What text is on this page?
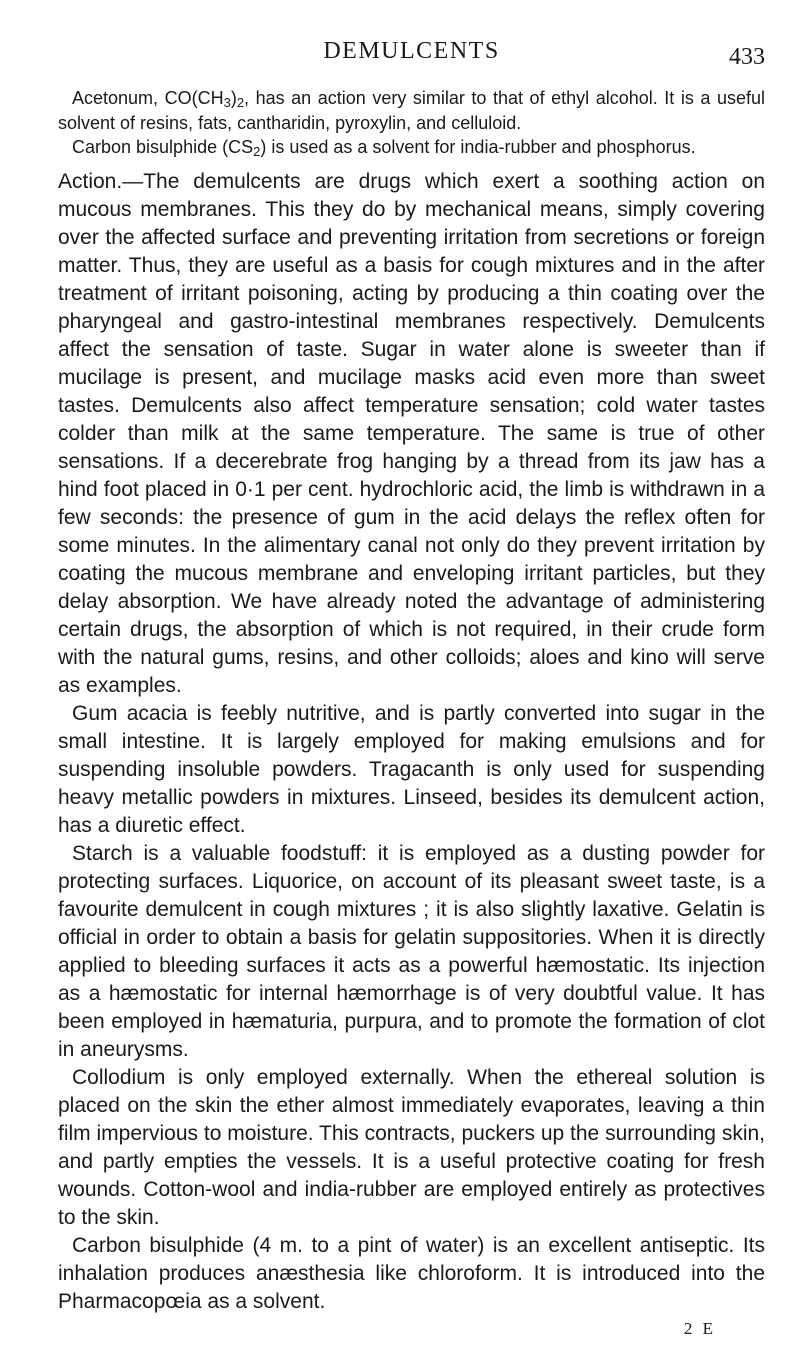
DEMULCENTS	433

Acetonum, $CO(CH_3)_2$, has an action very similar to that of ethyl alcohol. It is a useful solvent of resins, fats, cantharidin, pyroxylin, and celluloid.

Carbon bisulphide $(CS_2)$ is used as a solvent for india-rubber and phosphorus.

Action.—The demulcents are drugs which exert a soothing action on mucous membranes. This they do by mechanical means, simply covering over the affected surface and preventing irritation from secretions or foreign matter. Thus, they are useful as a basis for cough mixtures and in the after treatment of irritant poisoning, acting by producing a thin coating over the pharyngeal and gastro-intestinal membranes respectively. Demulcents affect the sensation of taste. Sugar in water alone is sweeter than if mucilage is present, and mucilage masks acid even more than sweet tastes. Demulcents also affect temperature sensation; cold water tastes colder than milk at the same temperature. The same is true of other sensations. If a decerebrate frog hanging by a thread from its jaw has a hind foot placed in 0·1 per cent. hydrochloric acid, the limb is withdrawn in a few seconds: the presence of gum in the acid delays the reflex often for some minutes. In the alimentary canal not only do they prevent irritation by coating the mucous membrane and enveloping irritant particles, but they delay absorption. We have already noted the advantage of administering certain drugs, the absorption of which is not required, in their crude form with the natural gums, resins, and other colloids; aloes and kino will serve as examples.

Gum acacia is feebly nutritive, and is partly converted into sugar in the small intestine. It is largely employed for making emulsions and for suspending insoluble powders. Tragacanth is only used for suspending heavy metallic powders in mixtures. Linseed, besides its demulcent action, has a diuretic effect.

Starch is a valuable foodstuff: it is employed as a dusting powder for protecting surfaces. Liquorice, on account of its pleasant sweet taste, is a favourite demulcent in cough mixtures ; it is also slightly laxative. Gelatin is official in order to obtain a basis for gelatin suppositories. When it is directly applied to bleeding surfaces it acts as a powerful hæmostatic. Its injection as a hæmostatic for internal hæmorrhage is of very doubtful value. It has been employed in hæmaturia, purpura, and to promote the formation of clot in aneurysms.

Collodium is only employed externally. When the ethereal solution is placed on the skin the ether almost immediately evaporates, leaving a thin film impervious to moisture. This contracts, puckers up the surrounding skin, and partly empties the vessels. It is a useful protective coating for fresh wounds. Cotton-wool and india-rubber are employed entirely as protectives to the skin.

Carbon bisulphide (4 m. to a pint of water) is an excellent antiseptic. Its inhalation produces anæsthesia like chloroform. It is introduced into the Pharmacopœia as a solvent.

2 E
